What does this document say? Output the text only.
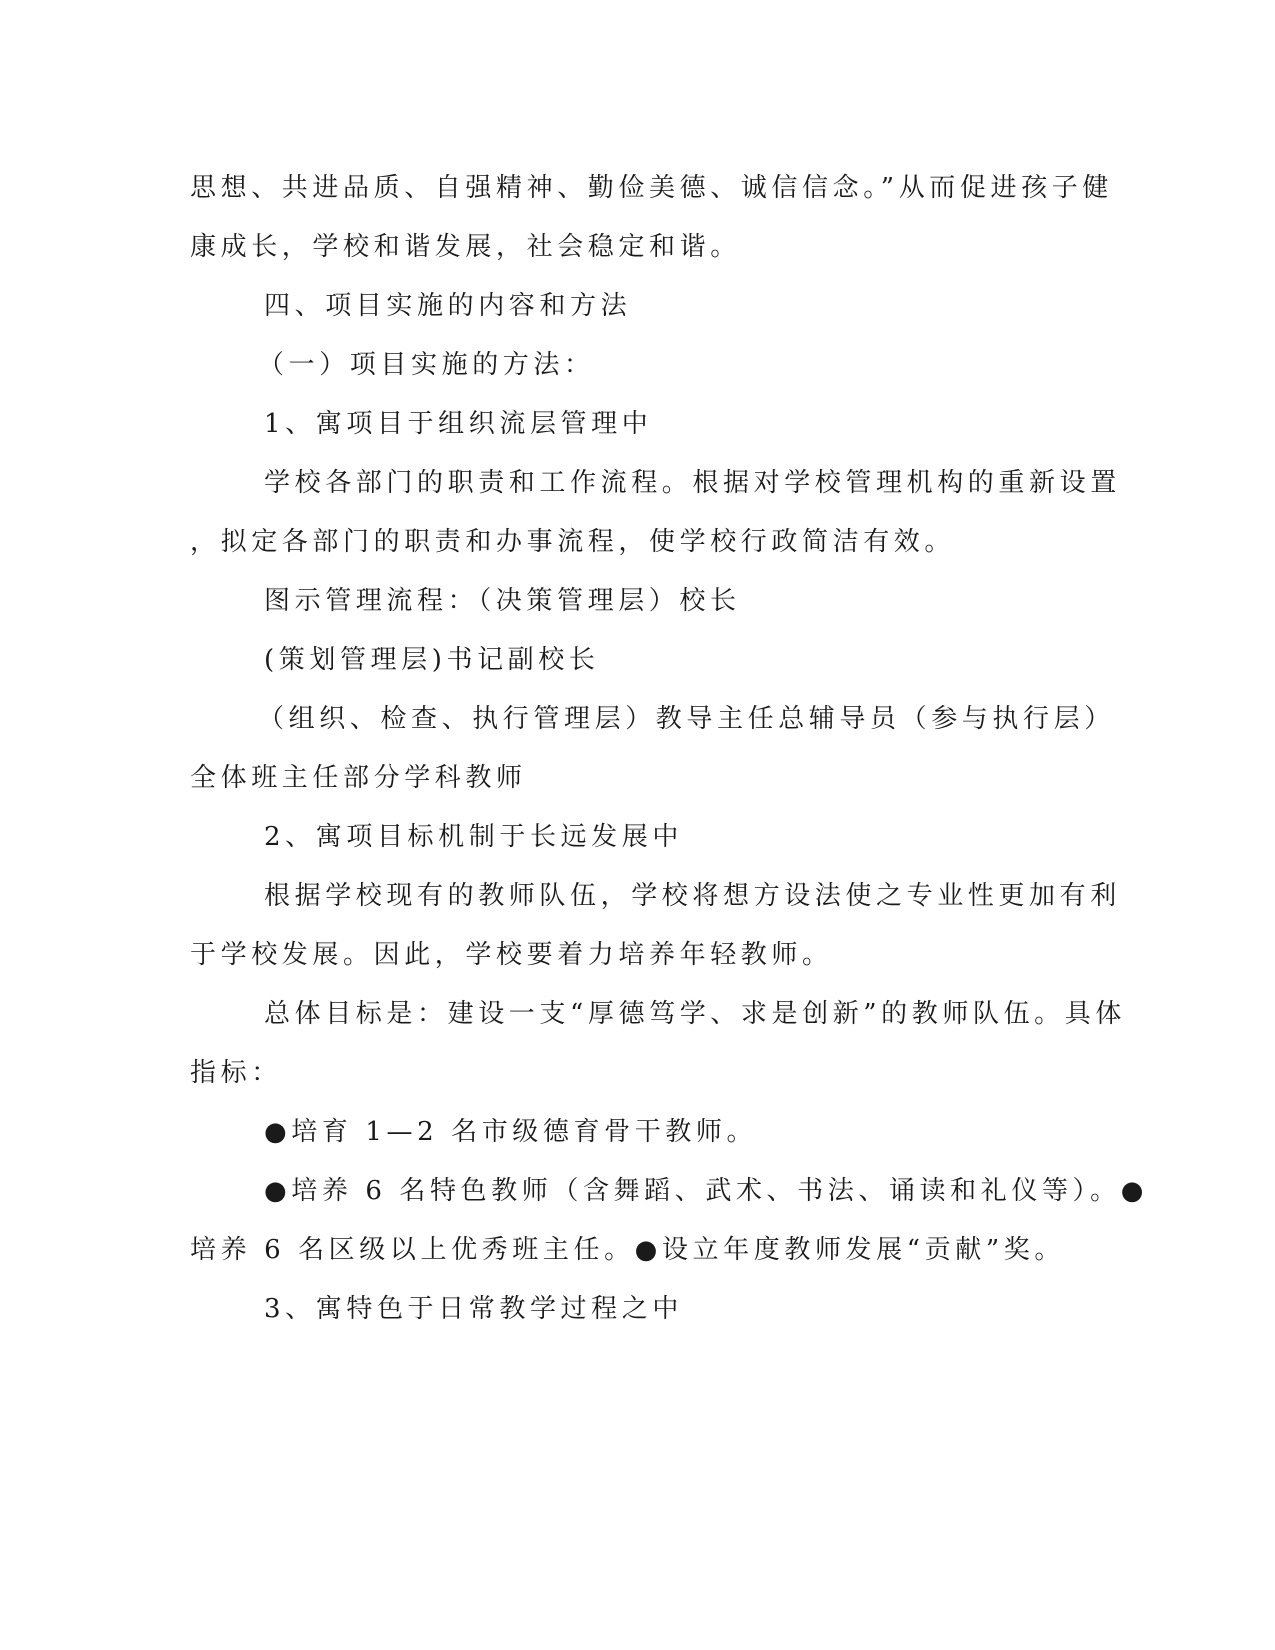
思想、共进品质、自强精神、勤俭美德、诚信信念。”从而促进孩子健
康成长，学校和谐发展，社会稳定和谐。
四、项目实施的内容和方法
（一）项目实施的方法：
1、寓项目于组织流层管理中
学校各部门的职责和工作流程。根据对学校管理机构的重新设置
，拟定各部门的职责和办事流程，使学校行政简洁有效。
图示管理流程：（决策管理层）校长
(策划管理层)书记副校长
（组织、检查、执行管理层）教导主任总辅导员（参与执行层）
全体班主任部分学科教师
2、寓项目标机制于长远发展中
根据学校现有的教师队伍，学校将想方设法使之专业性更加有利
于学校发展。因此，学校要着力培养年轻教师。
总体目标是：建设一支“厚德笃学、求是创新”的教师队伍。具体
指标：
●培育 1—2 名市级德育骨干教师。
●培养 6 名特色教师（含舞蹈、武术、书法、诵读和礼仪等）。●
培养 6 名区级以上优秀班主任。●设立年度教师发展“贡献”奖。
3、寓特色于日常教学过程之中
